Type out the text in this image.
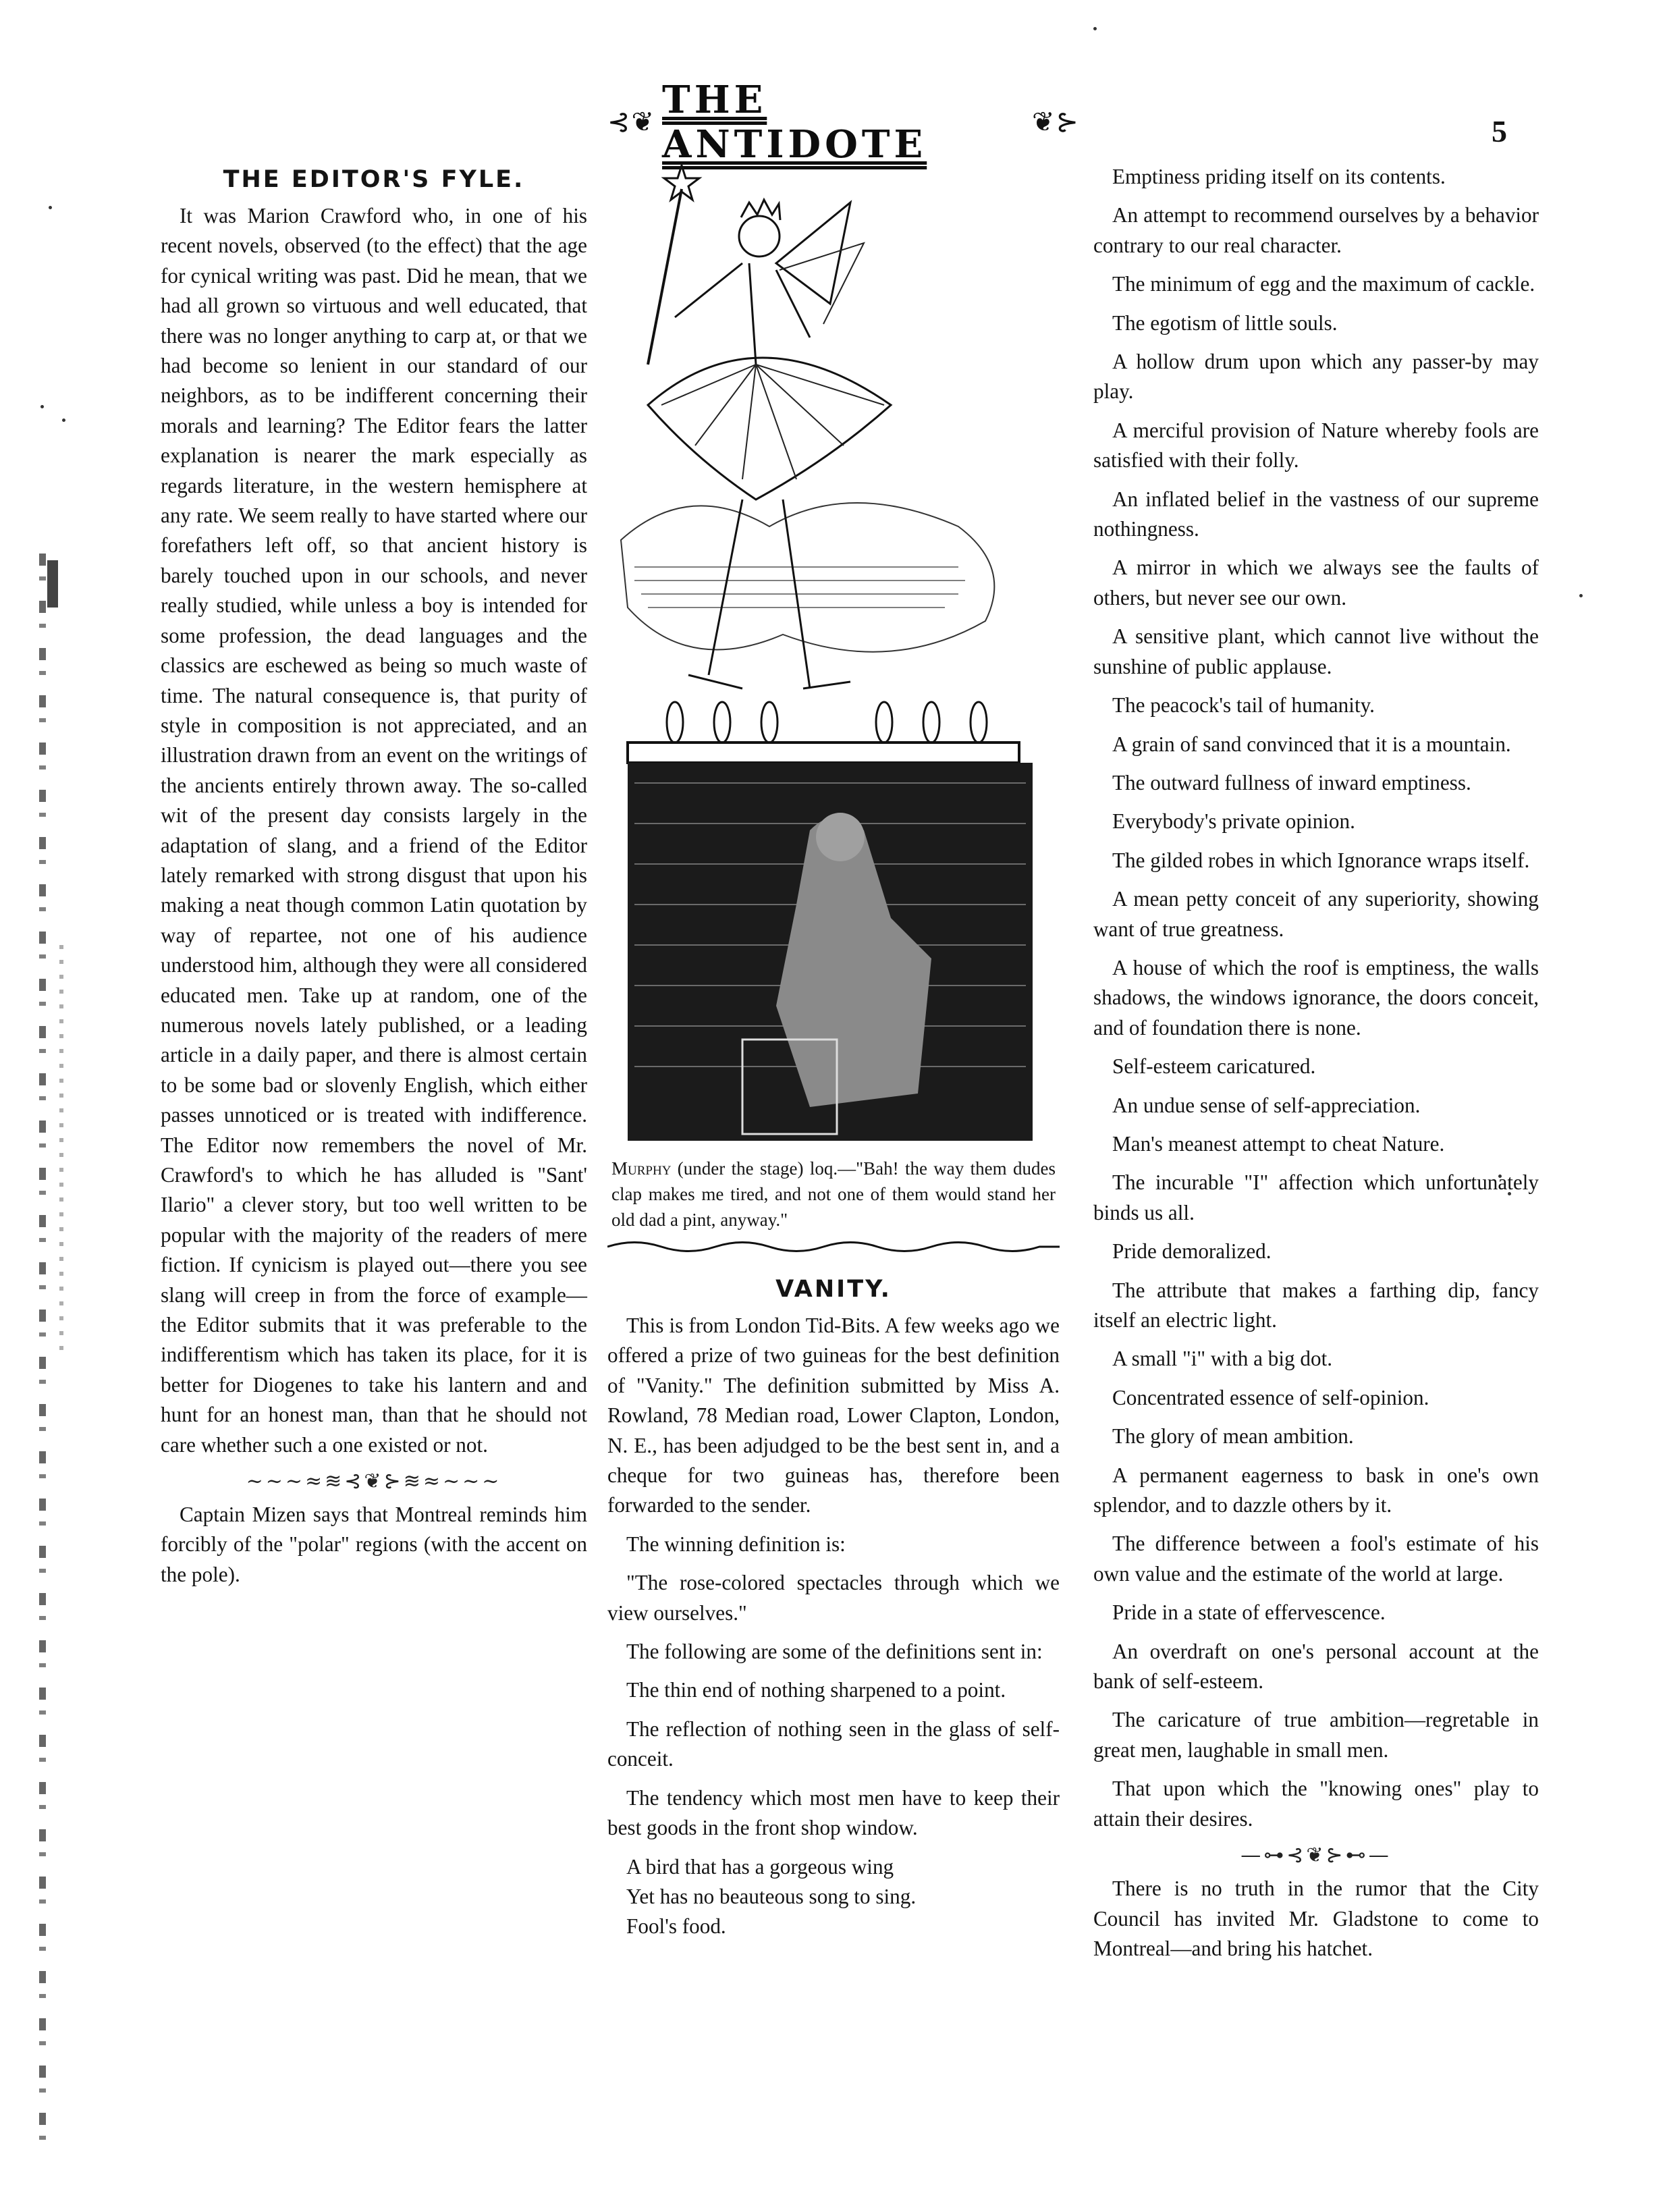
⊰❦ THE ANTIDOTE	❦⊱	5
THE EDITOR'S FYLE.

It was Marion Crawford who, in one of his recent novels, observed (to the effect) that the age for cynical writing was past. Did he mean, that we had all grown so virtuous and well educated, that there was no longer anything to carp at, or that we had become so lenient in our standard of our neighbors, as to be indifferent concerning their morals and learning? The Editor fears the latter explanation is nearer the mark especially as regards literature, in the western hemisphere at any rate. We seem really to have started where our forefathers left off, so that ancient history is barely touched upon in our schools, and never really studied, while unless a boy is intended for some profession, the dead languages and the classics are eschewed as being so much waste of time. The natural consequence is, that purity of style in composition is not appreciated, and an illustration drawn from an event on the writings of the ancients entirely thrown away. The so-called wit of the present day consists largely in the adaptation of slang, and a friend of the Editor lately remarked with strong disgust that upon his making a neat though common Latin quotation by way of repartee, not one of his audience understood him, although they were all considered educated men. Take up at random, one of the numerous novels lately published, or a leading article in a daily paper, and there is almost certain to be some bad or slovenly English, which either passes unnoticed or is treated with indifference. The Editor now remembers the novel of Mr. Crawford's to which he has alluded is "Sant' Ilario" a clever story, but too well written to be popular with the majority of the readers of mere fiction. If cynicism is played out—there you see slang will creep in from the force of example—the Editor submits that it was preferable to the indifferentism which has taken its place, for it is better for Diogenes to take his lantern and and hunt for an honest man, than that he should not care whether such a one existed or not.

~~~≈≋⊰❦⊱≋≈~~~

Captain Mizen says that Montreal reminds him forcibly of the "polar" regions (with the accent on the pole).

Murphy (under the stage) loq.—"Bah! the way them dudes clap makes me tired, and not one of them would stand her old dad a pint, anyway."

VANITY.

This is from London Tid-Bits. A few weeks ago we offered a prize of two guineas for the best definition of "Vanity." The definition submitted by Miss A. Rowland, 78 Median road, Lower Clapton, London, N. E., has been adjudged to be the best sent in, and a cheque for two guineas has, therefore been forwarded to the sender.

The winning definition is:

"The rose-colored spectacles through which we view ourselves."

The following are some of the definitions sent in:

The thin end of nothing sharpened to a point.

The reflection of nothing seen in the glass of self-conceit.

The tendency which most men have to keep their best goods in the front shop window.

A bird that has a gorgeous wing

Yet has no beauteous song to sing.

Fool's food.

Emptiness priding itself on its contents.

An attempt to recommend ourselves by a behavior contrary to our real character.

The minimum of egg and the maximum of cackle.

The egotism of little souls.

A hollow drum upon which any passer-by may play.

A merciful provision of Nature whereby fools are satisfied with their folly.

An inflated belief in the vastness of our supreme nothingness.

A mirror in which we always see the faults of others, but never see our own.

A sensitive plant, which cannot live without the sunshine of public applause.

The peacock's tail of humanity.

A grain of sand convinced that it is a mountain.

The outward fullness of inward emptiness.

Everybody's private opinion.

The gilded robes in which Ignorance wraps itself.

A mean petty conceit of any superiority, showing want of true greatness.

A house of which the roof is emptiness, the walls shadows, the windows ignorance, the doors conceit, and of foundation there is none.

Self-esteem caricatured.

An undue sense of self-appreciation.

Man's meanest attempt to cheat Nature.

The incurable "I" affection which unfortunately binds us all.

Pride demoralized.

The attribute that makes a farthing dip, fancy itself an electric light.

A small "i" with a big dot.

Concentrated essence of self-opinion.

The glory of mean ambition.

A permanent eagerness to bask in one's own splendor, and to dazzle others by it.

The difference between a fool's estimate of his own value and the estimate of the world at large.

Pride in a state of effervescence.

An overdraft on one's personal account at the bank of self-esteem.

The caricature of true ambition—regretable in great men, laughable in small men.

That upon which the "knowing ones" play to attain their desires.

—⊶⊰❦⊱⊷—

There is no truth in the rumor that the City Council has invited Mr. Gladstone to come to Montreal—and bring his hatchet.
